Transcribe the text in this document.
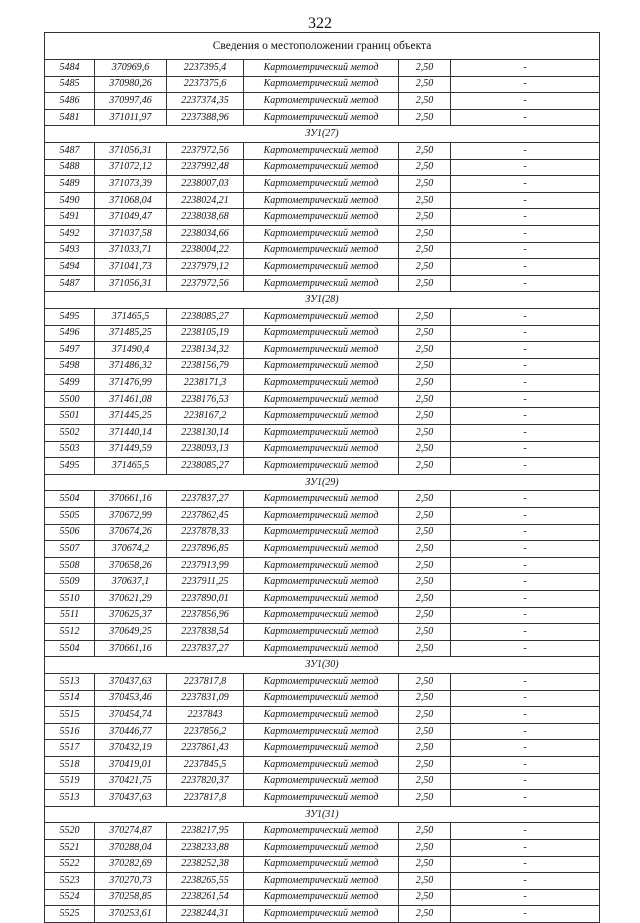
322
Сведения о местоположении границ объекта					
5484	370969,6	2237395,4	Картометрический метод	2,50	-
5485	370980,26	2237375,6	Картометрический метод	2,50	-
5486	370997,46	2237374,35	Картометрический метод	2,50	-
5481	371011,97	2237388,96	Картометрический метод	2,50	-
ЗУ1(27)					
5487	371056,31	2237972,56	Картометрический метод	2,50	-
5488	371072,12	2237992,48	Картометрический метод	2,50	-
5489	371073,39	2238007,03	Картометрический метод	2,50	-
5490	371068,04	2238024,21	Картометрический метод	2,50	-
5491	371049,47	2238038,68	Картометрический метод	2,50	-
5492	371037,58	2238034,66	Картометрический метод	2,50	-
5493	371033,71	2238004,22	Картометрический метод	2,50	-
5494	371041,73	2237979,12	Картометрический метод	2,50	-
5487	371056,31	2237972,56	Картометрический метод	2,50	-
ЗУ1(28)					
5495	371465,5	2238085,27	Картометрический метод	2,50	-
5496	371485,25	2238105,19	Картометрический метод	2,50	-
5497	371490,4	2238134,32	Картометрический метод	2,50	-
5498	371486,32	2238156,79	Картометрический метод	2,50	-
5499	371476,99	2238171,3	Картометрический метод	2,50	-
5500	371461,08	2238176,53	Картометрический метод	2,50	-
5501	371445,25	2238167,2	Картометрический метод	2,50	-
5502	371440,14	2238130,14	Картометрический метод	2,50	-
5503	371449,59	2238093,13	Картометрический метод	2,50	-
5495	371465,5	2238085,27	Картометрический метод	2,50	-
ЗУ1(29)					
5504	370661,16	2237837,27	Картометрический метод	2,50	-
5505	370672,99	2237862,45	Картометрический метод	2,50	-
5506	370674,26	2237878,33	Картометрический метод	2,50	-
5507	370674,2	2237896,85	Картометрический метод	2,50	-
5508	370658,26	2237913,99	Картометрический метод	2,50	-
5509	370637,1	2237911,25	Картометрический метод	2,50	-
5510	370621,29	2237890,01	Картометрический метод	2,50	-
5511	370625,37	2237856,96	Картометрический метод	2,50	-
5512	370649,25	2237838,54	Картометрический метод	2,50	-
5504	370661,16	2237837,27	Картометрический метод	2,50	-
ЗУ1(30)					
5513	370437,63	2237817,8	Картометрический метод	2,50	-
5514	370453,46	2237831,09	Картометрический метод	2,50	-
5515	370454,74	2237843	Картометрический метод	2,50	-
5516	370446,77	2237856,2	Картометрический метод	2,50	-
5517	370432,19	2237861,43	Картометрический метод	2,50	-
5518	370419,01	2237845,5	Картометрический метод	2,50	-
5519	370421,75	2237820,37	Картометрический метод	2,50	-
5513	370437,63	2237817,8	Картометрический метод	2,50	-
ЗУ1(31)					
5520	370274,87	2238217,95	Картометрический метод	2,50	-
5521	370288,04	2238233,88	Картометрический метод	2,50	-
5522	370282,69	2238252,38	Картометрический метод	2,50	-
5523	370270,73	2238265,55	Картометрический метод	2,50	-
5524	370258,85	2238261,54	Картометрический метод	2,50	-
5525	370253,61	2238244,31	Картометрический метод	2,50	-
